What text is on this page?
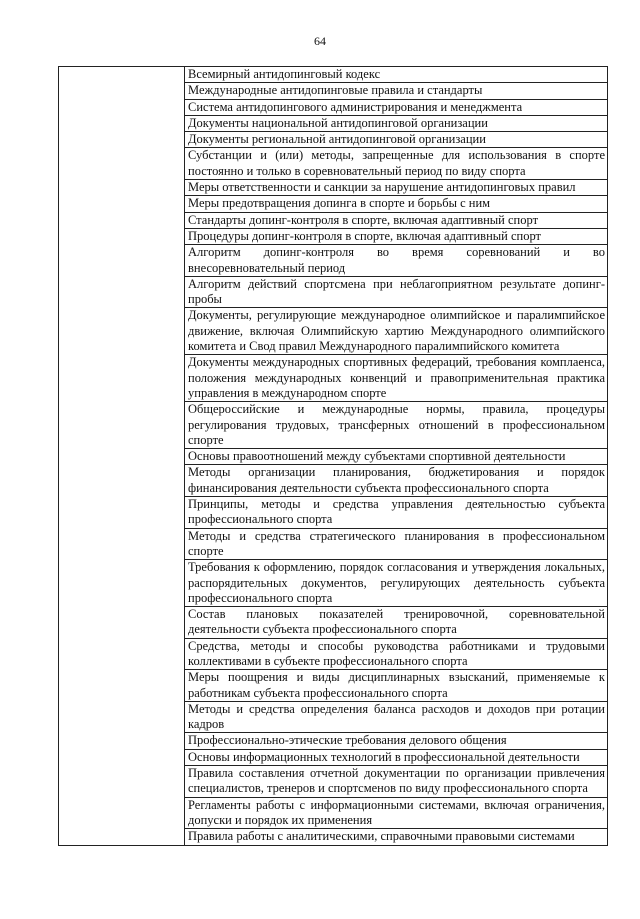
64
	Всемирный антидопинговый кодекс
Международные антидопинговые правила и стандарты
Система антидопингового администрирования и менеджмента
Документы национальной антидопинговой организации
Документы региональной антидопинговой организации
Субстанции и (или) методы, запрещенные для использования в спорте постоянно и только в соревновательный период по виду спорта
Меры ответственности и санкции за нарушение антидопинговых правил
Меры предотвращения допинга в спорте и борьбы с ним
Стандарты допинг-контроля в спорте, включая адаптивный спорт
Процедуры допинг-контроля в спорте, включая адаптивный спорт
Алгоритм допинг-контроля во время соревнований и во внесоревновательный период
Алгоритм действий спортсмена при неблагоприятном результате допинг-пробы
Документы, регулирующие международное олимпийское и паралимпийское движение, включая Олимпийскую хартию Международного олимпийского комитета и Свод правил Международного паралимпийского комитета
Документы международных спортивных федераций, требования комплаенса, положения международных конвенций и правоприменительная практика управления в международном спорте
Общероссийские и международные нормы, правила, процедуры регулирования трудовых, трансферных отношений в профессиональном спорте
Основы правоотношений между субъектами спортивной деятельности
Методы организации планирования, бюджетирования и порядок финансирования деятельности субъекта профессионального спорта
Принципы, методы и средства управления деятельностью субъекта профессионального спорта
Методы и средства стратегического планирования в профессиональном спорте
Требования к оформлению, порядок согласования и утверждения локальных, распорядительных документов, регулирующих деятельность субъекта профессионального спорта
Состав плановых показателей тренировочной, соревновательной деятельности субъекта профессионального спорта
Средства, методы и способы руководства работниками и трудовыми коллективами в субъекте профессионального спорта
Меры поощрения и виды дисциплинарных взысканий, применяемые к работникам субъекта профессионального спорта
Методы и средства определения баланса расходов и доходов при ротации кадров
Профессионально-этические требования делового общения
Основы информационных технологий в профессиональной деятельности
Правила составления отчетной документации по организации привлечения специалистов, тренеров и спортсменов по виду профессионального спорта
Регламенты работы с информационными системами, включая ограничения, допуски и порядок их применения
Правила работы с аналитическими, справочными правовыми системами
